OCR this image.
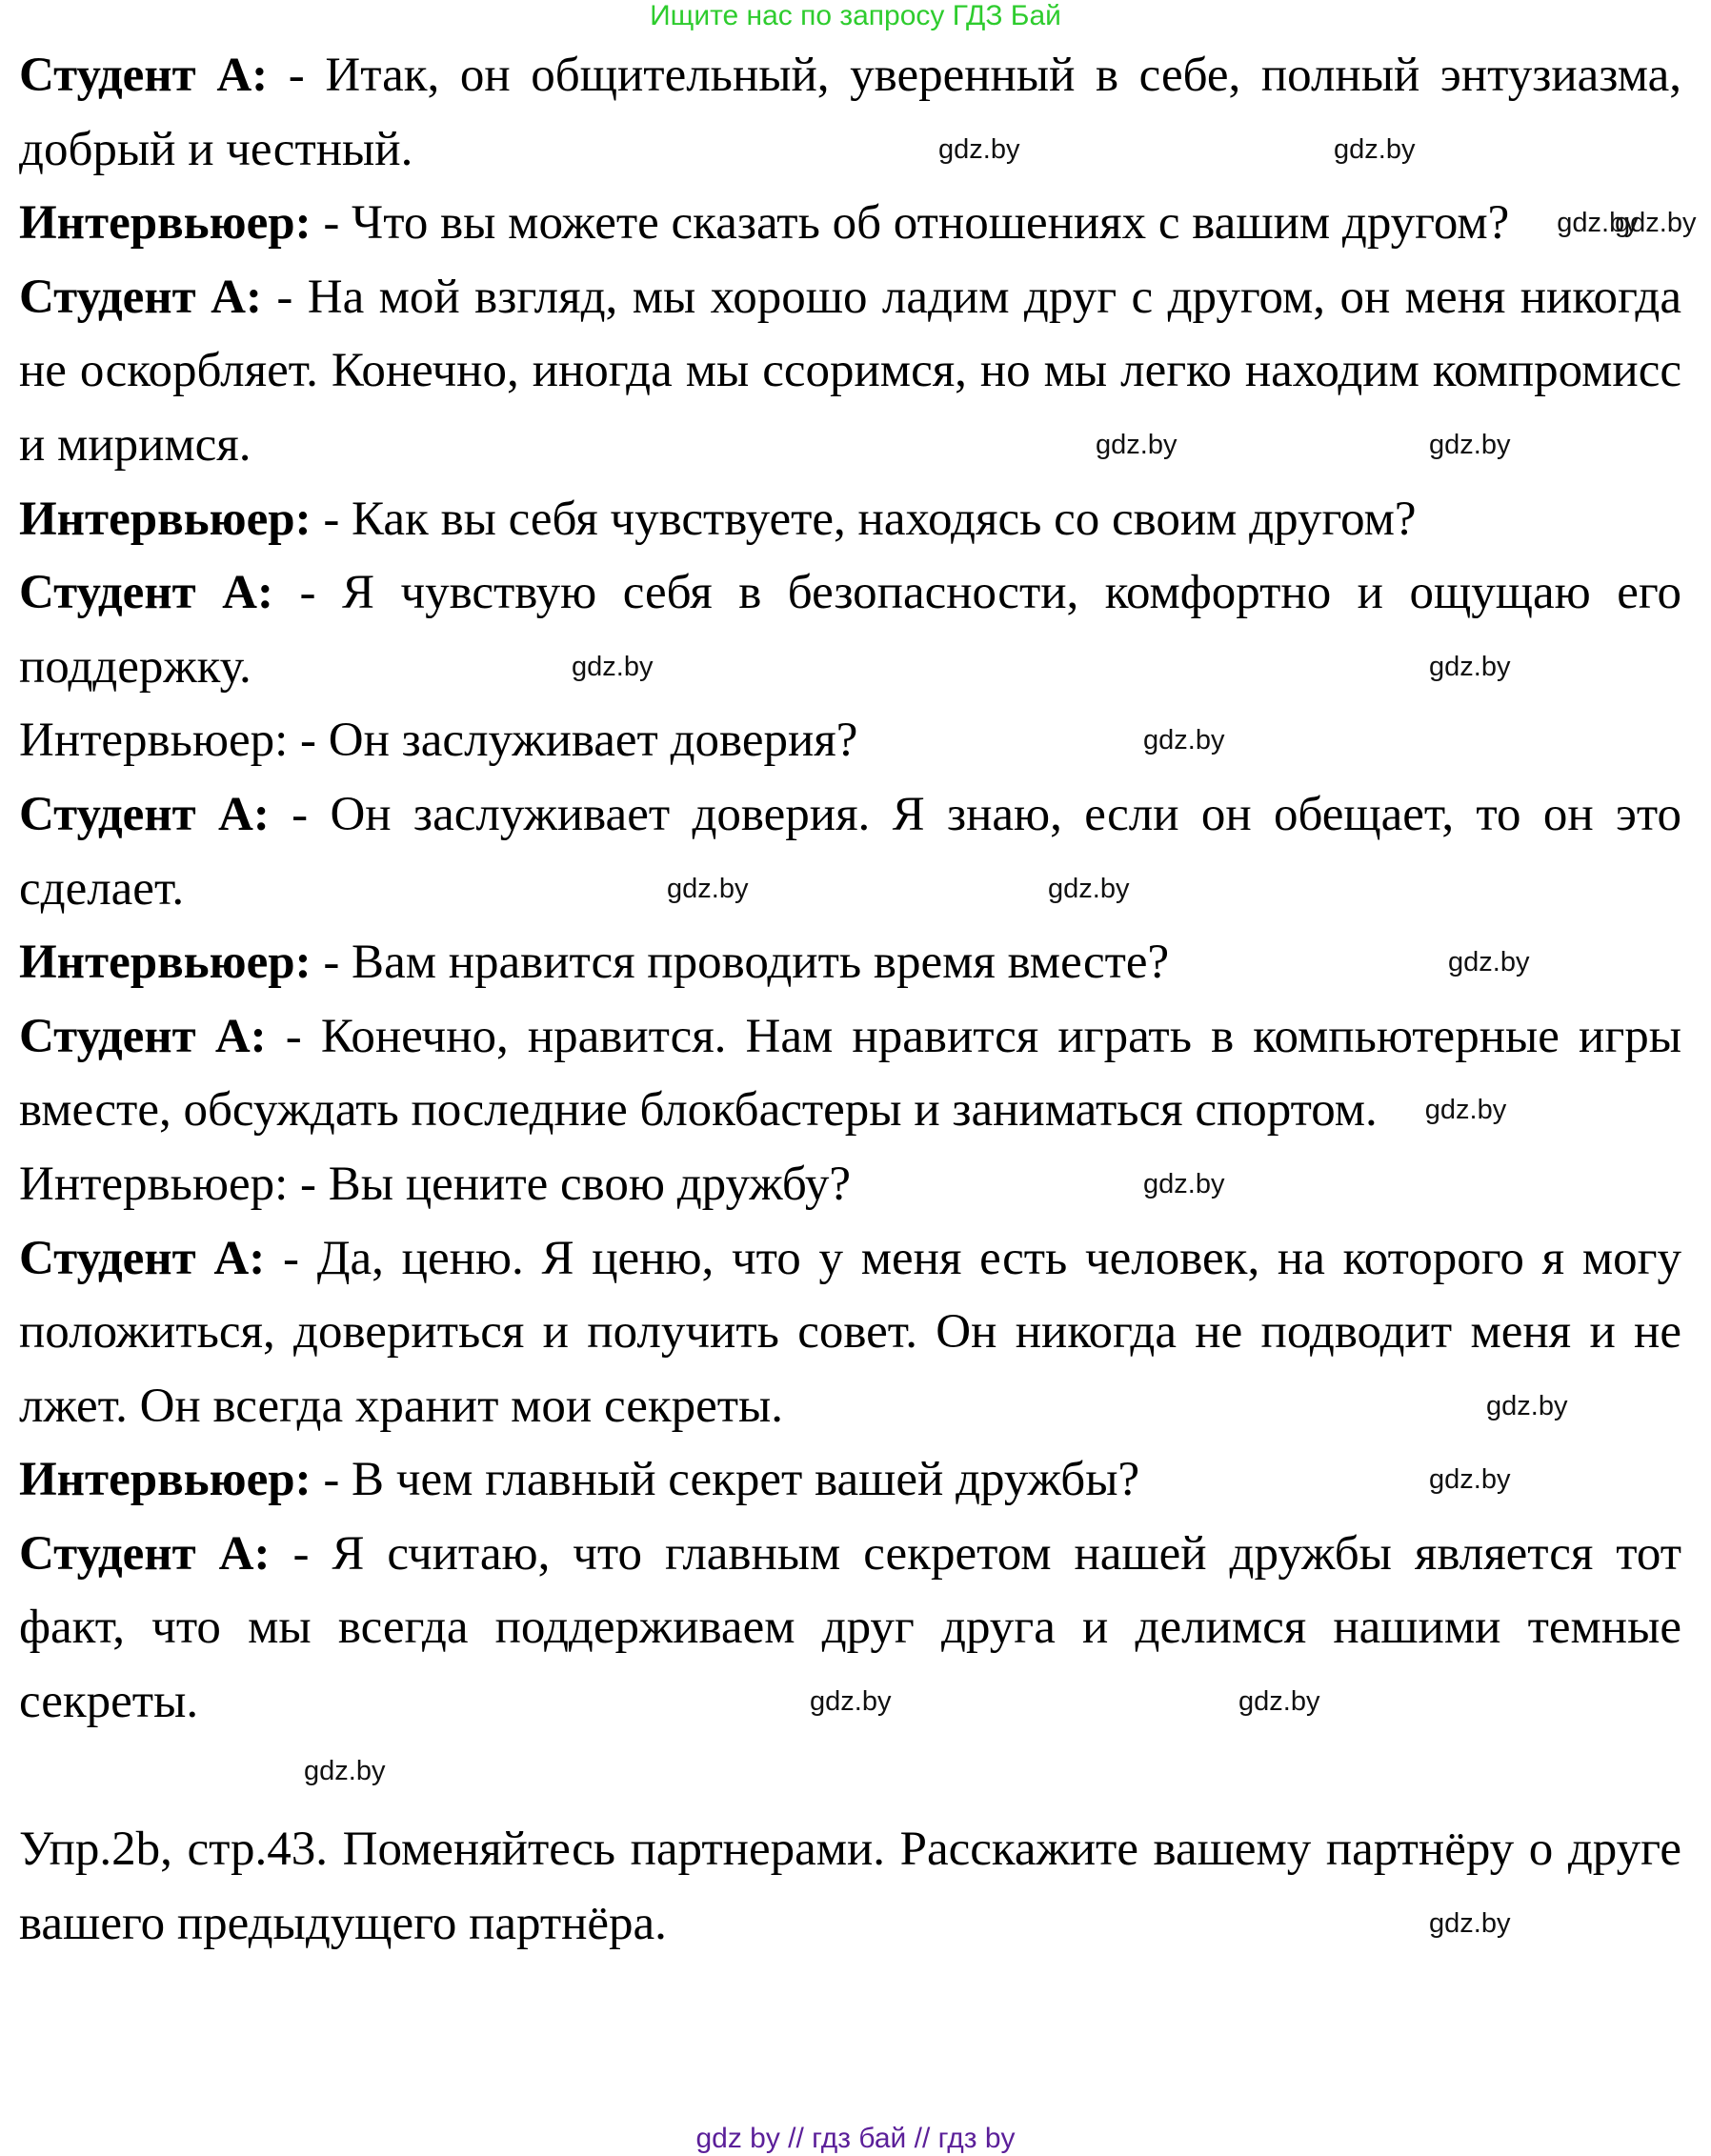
Ищите нас по запросу ГДЗ Бай

Студент А: - Итак, он общительный, уверенный в себе, полный энтузиазма, добрый и честный.

Интервьюер: - Что вы можете сказать об отношениях с вашим другом?

Студент А: - На мой взгляд, мы хорошо ладим друг с другом, он меня никогда не оскорбляет. Конечно, иногда мы ссоримся, но мы легко находим компромисс и миримся.

Интервьюер: - Как вы себя чувствуете, находясь со своим другом?

Студент А: - Я чувствую себя в безопасности, комфортно и ощущаю его поддержку.

Интервьюер: - Он заслуживает доверия?

Студент А: - Он заслуживает доверия. Я знаю, если он обещает, то он это сделает.

Интервьюер: - Вам нравится проводить время вместе?

Студент А: - Конечно, нравится. Нам нравится играть в компьютерные игры вместе, обсуждать последние блокбастеры и заниматься спортом.

Интервьюер: - Вы цените свою дружбу?

Студент А: - Да, ценю. Я ценю, что у меня есть человек, на которого я могу положиться, довериться и получить совет. Он никогда не подводит меня и не лжет. Он всегда хранит мои секреты.

Интервьюер: - В чем главный секрет вашей дружбы?

Студент А: - Я считаю, что главным секретом нашей дружбы является тот факт, что мы всегда поддерживаем друг друга и делимся нашими темные секреты.

Упр.2b, стр.43. Поменяйтесь партнерами. Расскажите вашему партнёру о друге вашего предыдущего партнёра.

gdz.by	gdz.by
gdz.by
gdz.by
gdz.by	gdz.by
gdz.by	gdz.by
gdz.by
gdz.by	gdz.by
gdz.by
gdz.by
gdz.by
gdz.by
gdz.by
gdz.by	gdz.by
gdz.by
gdz.by
gdz by // гдз бай // гдз by
